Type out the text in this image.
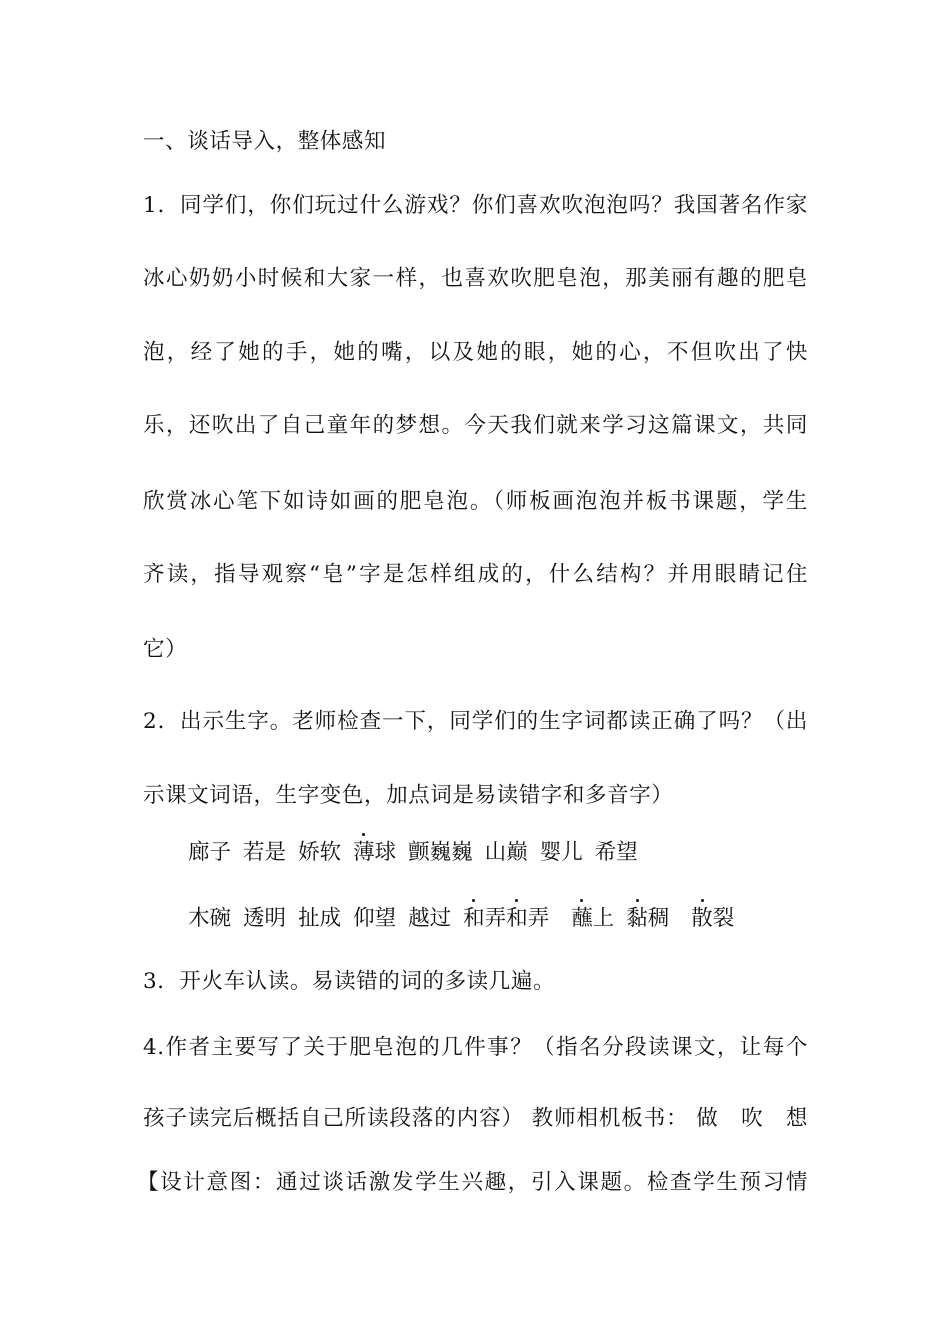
一、谈话导入，整体感知
1．同学们，你们玩过什么游戏？你们喜欢吹泡泡吗？我国著名作家
冰心奶奶小时候和大家一样，也喜欢吹肥皂泡，那美丽有趣的肥皂
泡，经了她的手，她的嘴，以及她的眼，她的心，不但吹出了快
乐，还吹出了自己童年的梦想。今天我们就来学习这篇课文，共同
欣赏冰心笔下如诗如画的肥皂泡。（师板画泡泡并板书课题，学生
齐读，指导观察“皂”字是怎样组成的，什么结构？并用眼睛记住
它）
2．出示生字。老师检查一下，同学们的生字词都读正确了吗？（出
示课文词语，生字变色，加点词是易读错字和多音字）
廊子 若是 娇软 薄球 颤巍巍 山巅 婴儿 希望
木碗 透明 扯成 仰望 越过 和弄和弄 蘸上 黏稠 散裂
3．开火车认读。易读错的词的多读几遍。
4.作者主要写了关于肥皂泡的几件事？（指名分段读课文，让每个
孩子读完后概括自己所读段落的内容） 教师相机板书： 做　吹　想
【设计意图：通过谈话激发学生兴趣，引入课题。检查学生预习情
